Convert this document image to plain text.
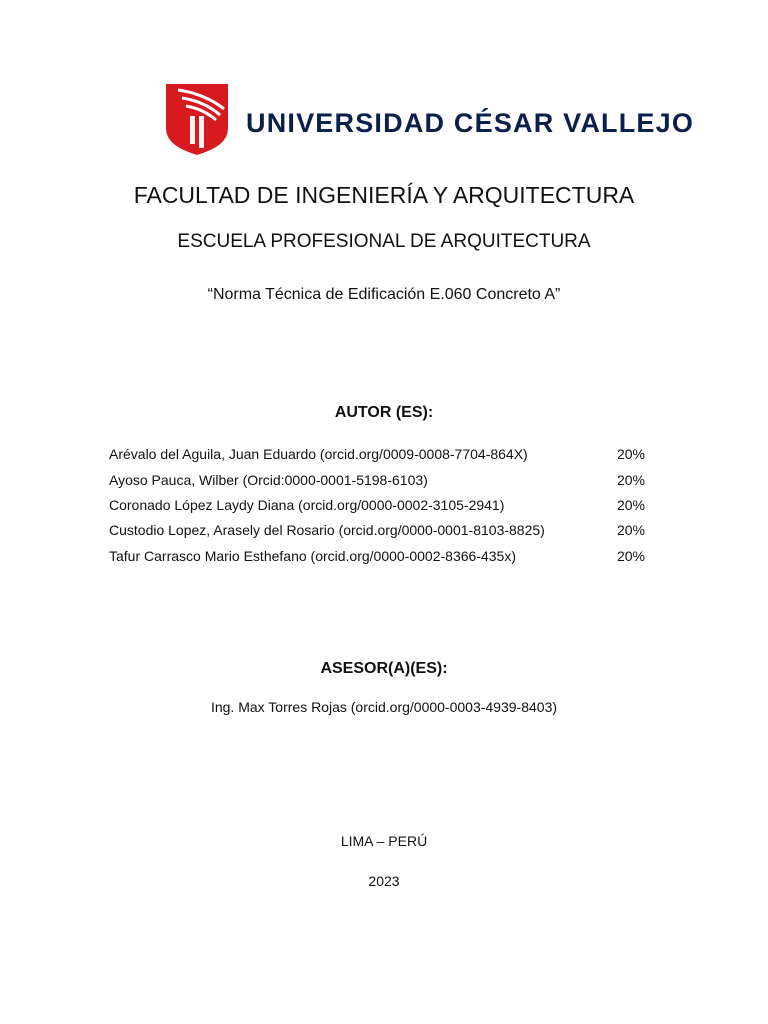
UNIVERSIDAD CÉSAR VALLEJO
FACULTAD DE INGENIERÍA Y ARQUITECTURA
ESCUELA PROFESIONAL DE ARQUITECTURA
“Norma Técnica de Edificación E.060 Concreto A”
AUTOR (ES):
Arévalo del Aguila, Juan Eduardo (orcid.org/0009-0008-7704-864X)	20%
Ayoso Pauca, Wilber (Orcid:0000-0001-5198-6103)	20%
Coronado López Laydy Diana (orcid.org/0000-0002-3105-2941)	20%
Custodio Lopez, Arasely del Rosario (orcid.org/0000-0001-8103-8825)	20%
Tafur Carrasco Mario Esthefano (orcid.org/0000-0002-8366-435x)	20%
ASESOR(A)(ES):
Ing. Max Torres Rojas (orcid.org/0000-0003-4939-8403)
LIMA – PERÚ
2023
